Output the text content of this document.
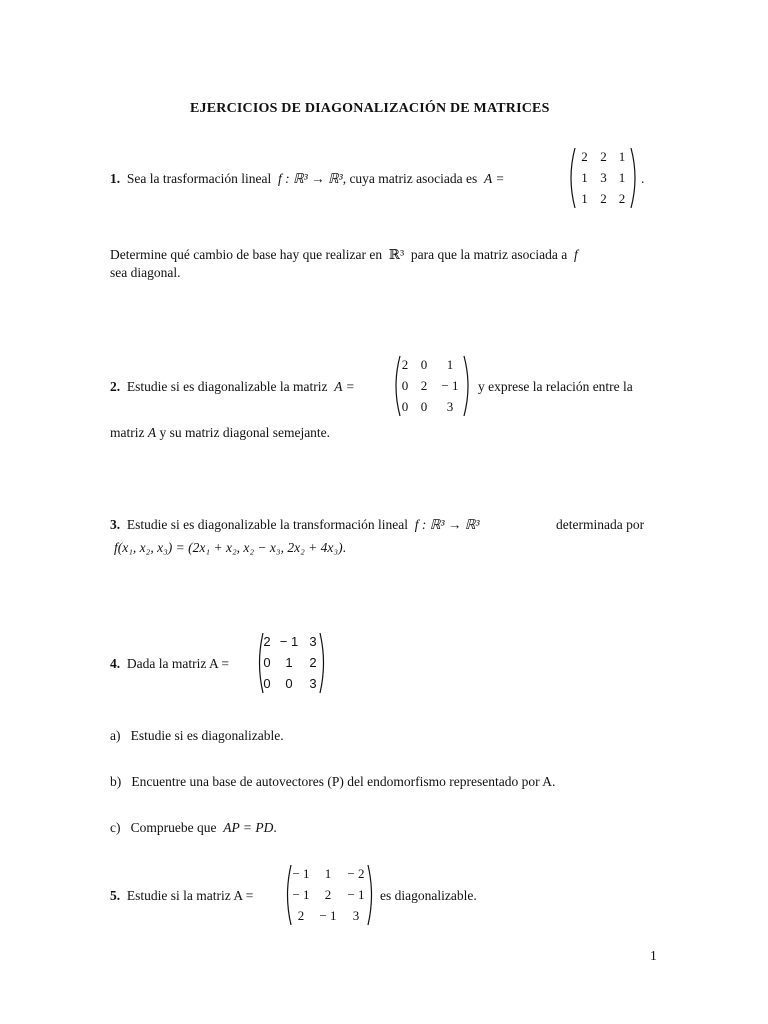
EJERCICIOS DE DIAGONALIZACIÓN DE MATRICES
1. Sea la trasformación lineal f : ℝ³ → ℝ³, cuya matriz asociada es A =
2 2 1
1 3 1
1 2 2
.
Determine qué cambio de base hay que realizar en ℝ³ para que la matriz asociada a f
sea diagonal.
2. Estudie si es diagonalizable la matriz A =
2 0	1
0 2	− 1
0 0	3
y exprese la relación entre la
matriz A y su matriz diagonal semejante.
3. Estudie si es diagonalizable la transformación lineal f : ℝ³ → ℝ³	determinada por
f(x₁, x₂, x₃) = (2x₁ + x₂, x₂ − x₃, 2x₂ + 4x₃).
4. Dada la matriz A =
2 − 1 3
0	1	2
0	0	3
a) Estudie si es diagonalizable.
b) Encuentre una base de autovectores (P) del endomorfismo representado por A.
c) Compruebe que AP = PD.
5. Estudie si la matriz A =
− 1	1	− 2
− 1	2	− 1
2	− 1	3
es diagonalizable.
1
